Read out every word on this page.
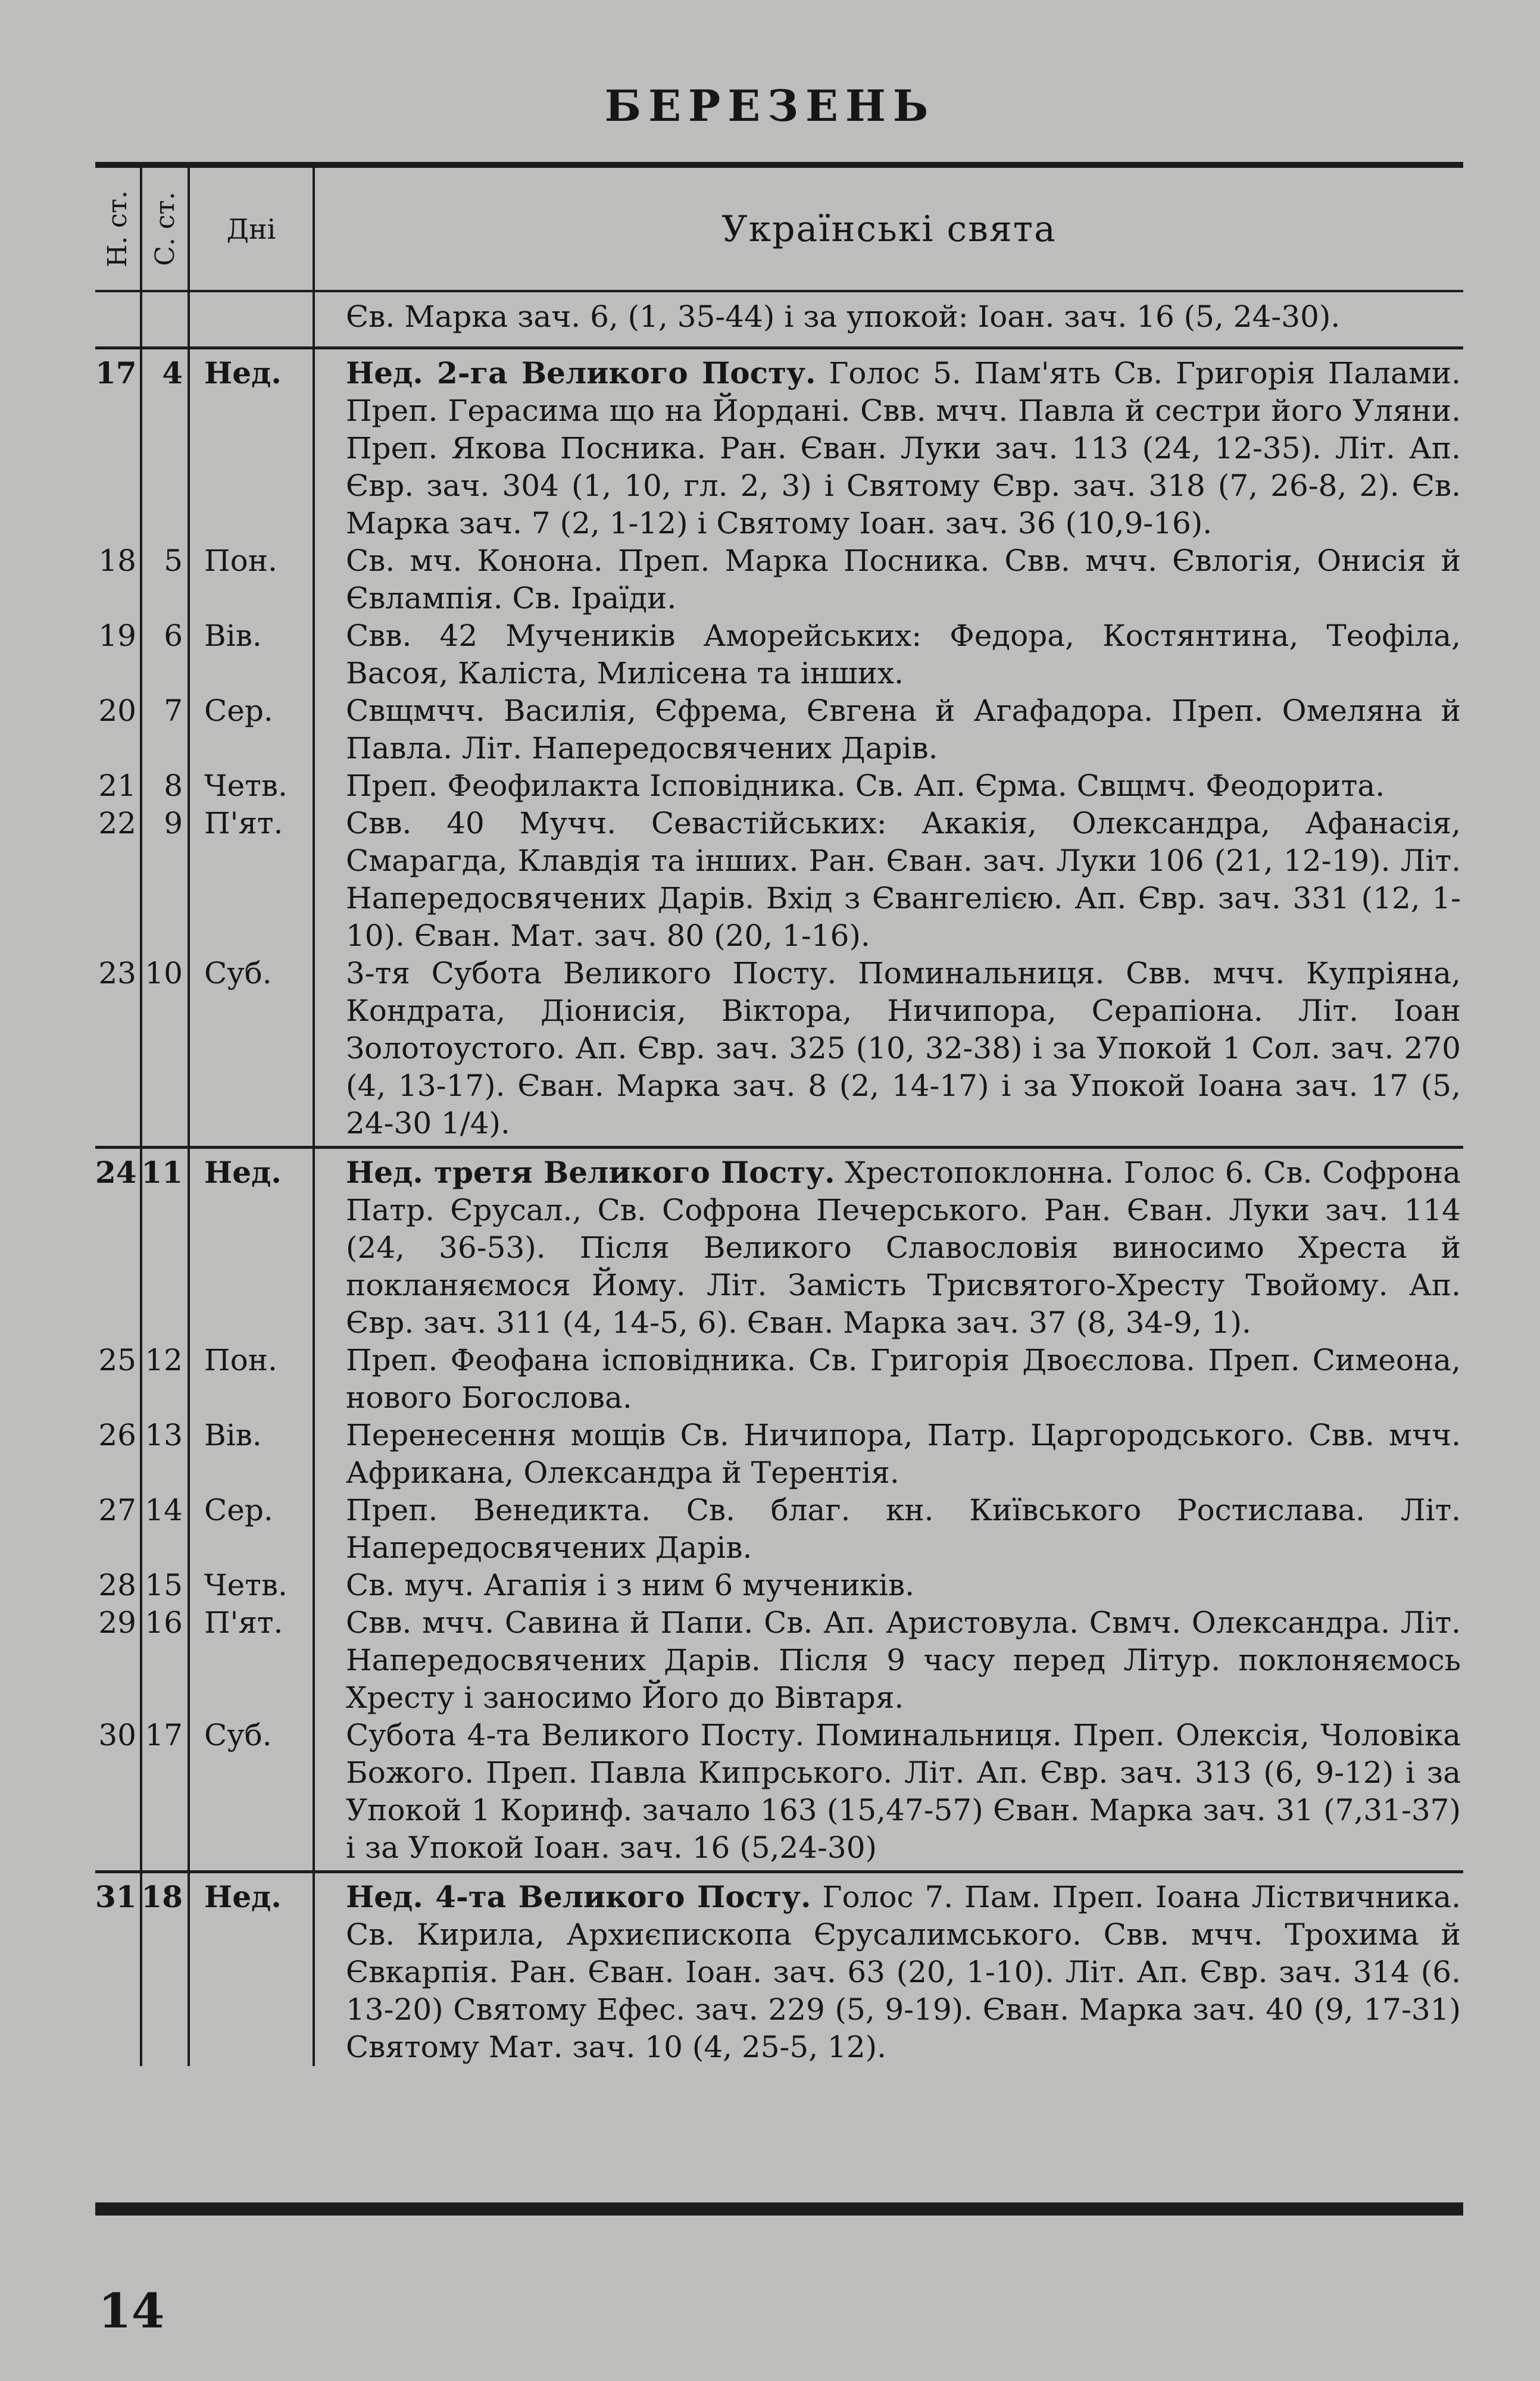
БЕРЕЗЕНЬ
Н. ст. С. ст.	Дні	Українські свята
Єв. Марка зач. 6, (1, 35-44) і за упокой: Іоан. зач. 16 (5, 24-30).
17 4 Нед.	Нед. 2-га Великого Посту. Голос 5. Пам'ять Св. Григорія Палами. Преп. Герасима що на Йордані. Свв. мчч. Павла й сестри його Уляни. Преп. Якова Посника. Ран. Єван. Луки зач. 113 (24, 12-35). Літ. Ап. Євр. зач. 304 (1, 10, гл. 2, 3) і Святому Євр. зач. 318 (7, 26-8, 2). Єв. Марка зач. 7 (2, 1-12) і Святому Іоан. зач. 36 (10,9-16).
18 5 Пон.	Св. мч. Конона. Преп. Марка Посника. Свв. мчч. Євлогія, Онисія й Євлампія. Св. Іраїди.
19 6 Вів.	Свв. 42 Мучеників Аморейських: Федора, Костянтина, Теофіла, Васоя, Каліста, Милісена та інших.
20 7 Сер.	Свщмчч. Василія, Єфрема, Євгена й Агафадора. Преп. Омеляна й Павла. Літ. Напередосвячених Дарів.
21 8 Четв.	Преп. Феофилакта Ісповідника. Св. Ап. Єрма. Свщмч. Феодорита.
22 9 П'ят.	Свв. 40 Мучч. Севастійських: Акакія, Олександра, Афанасія, Смарагда, Клавдія та інших. Ран. Єван. зач. Луки 106 (21, 12-19). Літ. Напередосвячених Дарів. Вхід з Євангелією. Ап. Євр. зач. 331 (12, 1-10). Єван. Мат. зач. 80 (20, 1-16).
23 10 Суб.	3-тя Субота Великого Посту. Поминальниця. Свв. мчч. Купріяна, Кондрата, Діонисія, Віктора, Ничипора, Серапіона. Літ. Іоан Золотоустого. Ап. Євр. зач. 325 (10, 32-38) і за Упокой 1 Сол. зач. 270 (4, 13-17). Єван. Марка зач. 8 (2, 14-17) і за Упокой Іоана зач. 17 (5, 24-30 1/4).
24 11 Нед.	Нед. третя Великого Посту. Хрестопоклонна. Голос 6. Св. Софрона Патр. Єрусал., Св. Софрона Печерського. Ран. Єван. Луки зач. 114 (24, 36-53). Після Великого Славословія виносимо Хреста й покланяємося Йому. Літ. Замість Трисвятого-Хресту Твойому. Ап. Євр. зач. 311 (4, 14-5, 6). Єван. Марка зач. 37 (8, 34-9, 1).
25 12 Пон.	Преп. Феофана ісповідника. Св. Григорія Двоєслова. Преп. Симеона, нового Богослова.
26 13 Вів.	Перенесення мощів Св. Ничипора, Патр. Царгородського. Свв. мчч. Африкана, Олександра й Терентія.
27 14 Сер.	Преп. Венедикта. Св. благ. кн. Київського Ростислава. Літ. Напередосвячених Дарів.
28 15 Четв.	Св. муч. Агапія і з ним 6 мучеників.
29 16 П'ят.	Свв. мчч. Савина й Папи. Св. Ап. Аристовула. Свмч. Олександра. Літ. Напередосвячених Дарів. Після 9 часу перед Літур. поклоняємось Хресту і заносимо Його до Вівтаря.
30 17 Суб.	Субота 4-та Великого Посту. Поминальниця. Преп. Олексія, Чоловіка Божого. Преп. Павла Кипрського. Літ. Ап. Євр. зач. 313 (6, 9-12) і за Упокой 1 Коринф. зачало 163 (15,47-57) Єван. Марка зач. 31 (7,31-37) і за Упокой Іоан. зач. 16 (5,24-30)
31 18 Нед.	Нед. 4-та Великого Посту. Голос 7. Пам. Преп. Іоана Ліствичника. Св. Кирила, Архиєпископа Єрусалимського. Свв. мчч. Трохима й Євкарпія. Ран. Єван. Іоан. зач. 63 (20, 1-10). Літ. Ап. Євр. зач. 314 (6. 13-20) Святому Ефес. зач. 229 (5, 9-19). Єван. Марка зач. 40 (9, 17-31) Святому Мат. зач. 10 (4, 25-5, 12).
14
